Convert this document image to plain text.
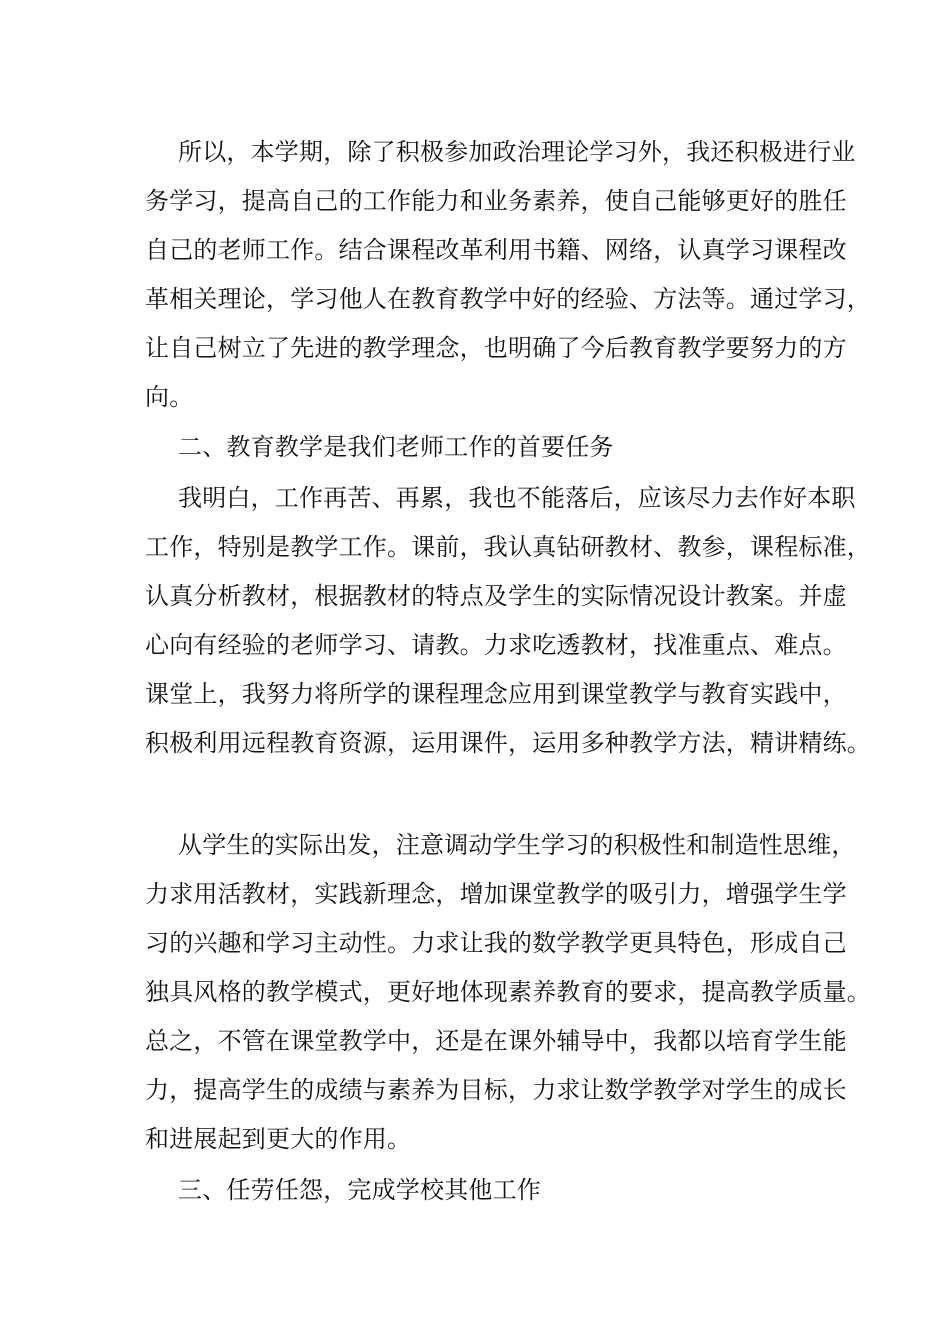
所以，本学期，除了积极参加政治理论学习外，我还积极进行业
务学习，提高自己的工作能力和业务素养，使自己能够更好的胜任
自己的老师工作。结合课程改革利用书籍、网络，认真学习课程改
革相关理论，学习他人在教育教学中好的经验、方法等。通过学习，
让自己树立了先进的教学理念，也明确了今后教育教学要努力的方
向。
二、教育教学是我们老师工作的首要任务
我明白，工作再苦、再累，我也不能落后，应该尽力去作好本职
工作，特别是教学工作。课前，我认真钻研教材、教参，课程标准，
认真分析教材，根据教材的特点及学生的实际情况设计教案。并虚
心向有经验的老师学习、请教。力求吃透教材，找准重点、难点。
课堂上，我努力将所学的课程理念应用到课堂教学与教育实践中，
积极利用远程教育资源，运用课件，运用多种教学方法，精讲精练。
从学生的实际出发，注意调动学生学习的积极性和制造性思维，
力求用活教材，实践新理念，增加课堂教学的吸引力，增强学生学
习的兴趣和学习主动性。力求让我的数学教学更具特色，形成自己
独具风格的教学模式，更好地体现素养教育的要求，提高教学质量。
总之，不管在课堂教学中，还是在课外辅导中，我都以培育学生能
力，提高学生的成绩与素养为目标，力求让数学教学对学生的成长
和进展起到更大的作用。
三、任劳任怨，完成学校其他工作
